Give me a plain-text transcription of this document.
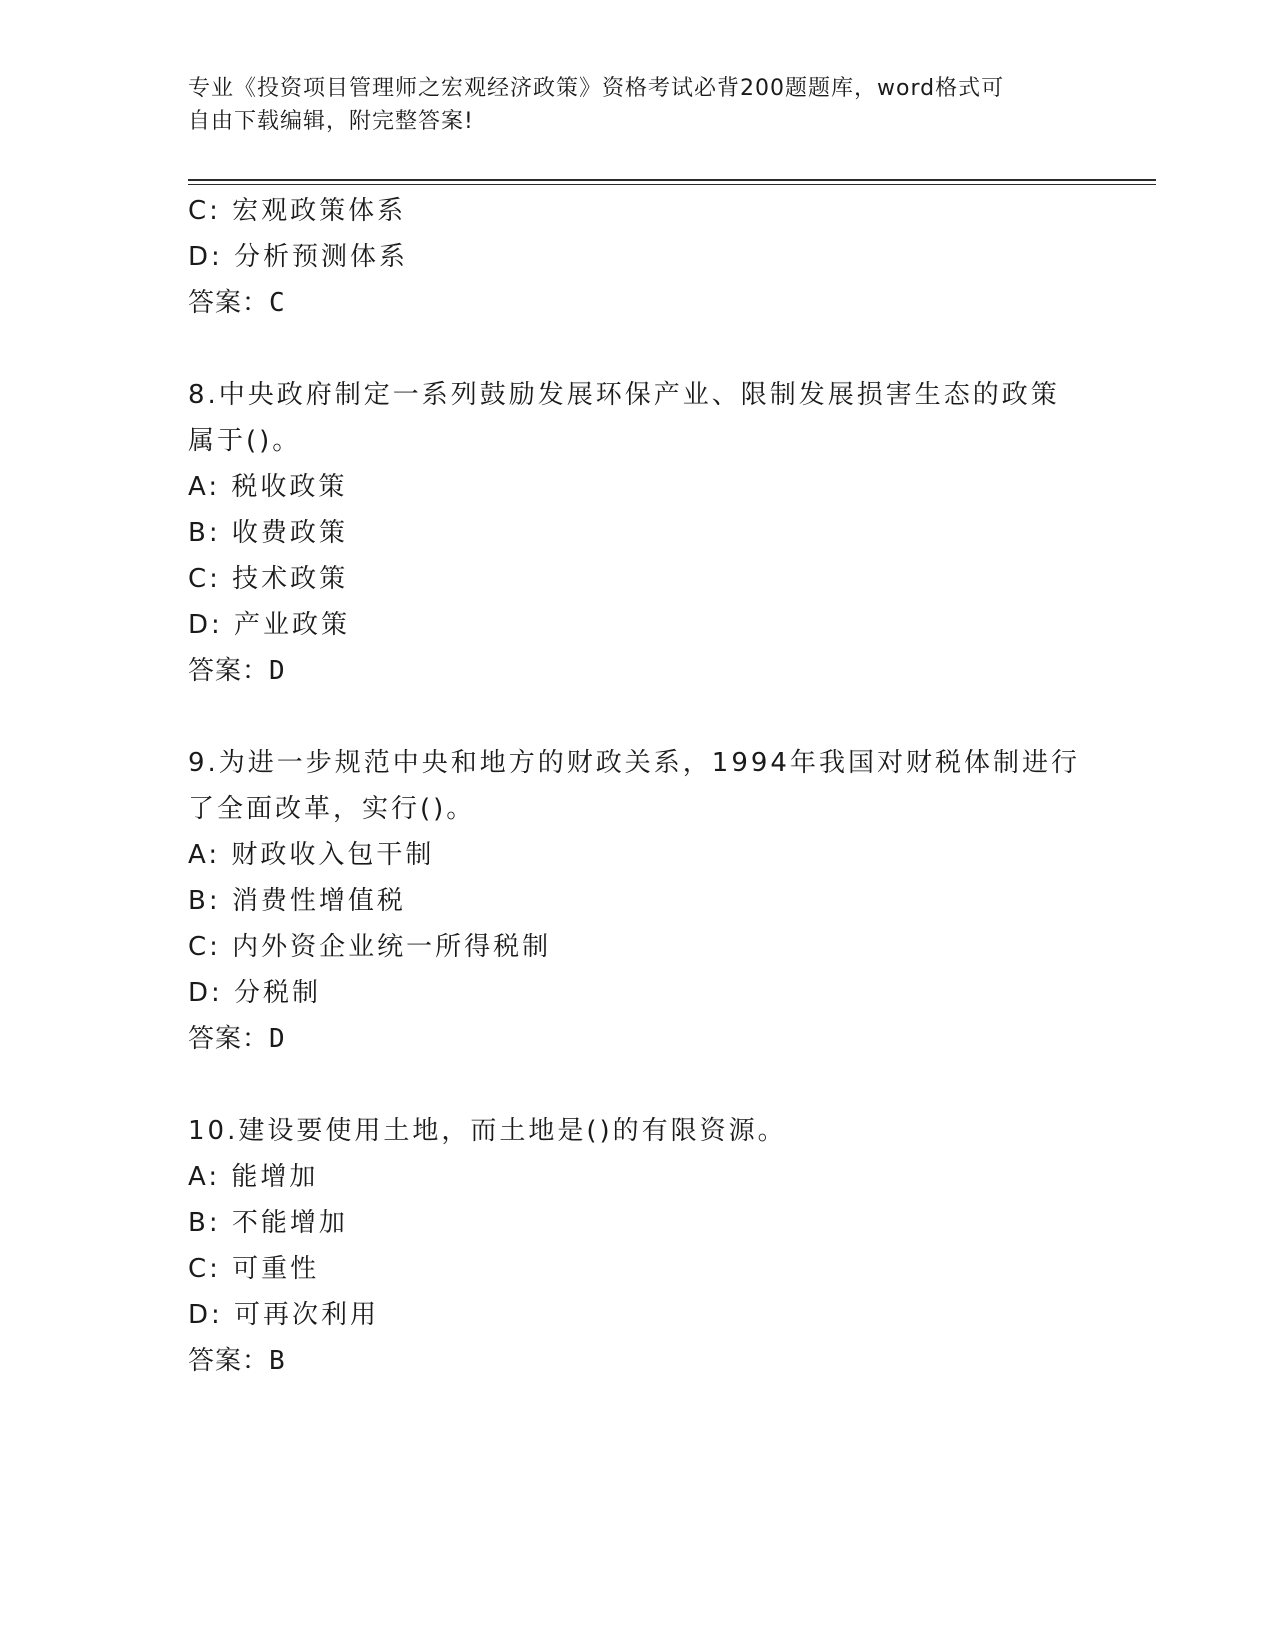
专业《投资项目管理师之宏观经济政策》资格考试必背200题题库，word格式可
自由下载编辑，附完整答案!
C: 宏观政策体系
D: 分析预测体系
答案：C
8.中央政府制定一系列鼓励发展环保产业、限制发展损害生态的政策
属于()。
A: 税收政策
B: 收费政策
C: 技术政策
D: 产业政策
答案：D
9.为进一步规范中央和地方的财政关系，1994年我国对财税体制进行
了全面改革，实行()。
A: 财政收入包干制
B: 消费性增值税
C: 内外资企业统一所得税制
D: 分税制
答案：D
10.建设要使用土地，而土地是()的有限资源。
A: 能增加
B: 不能增加
C: 可重性
D: 可再次利用
答案：B
